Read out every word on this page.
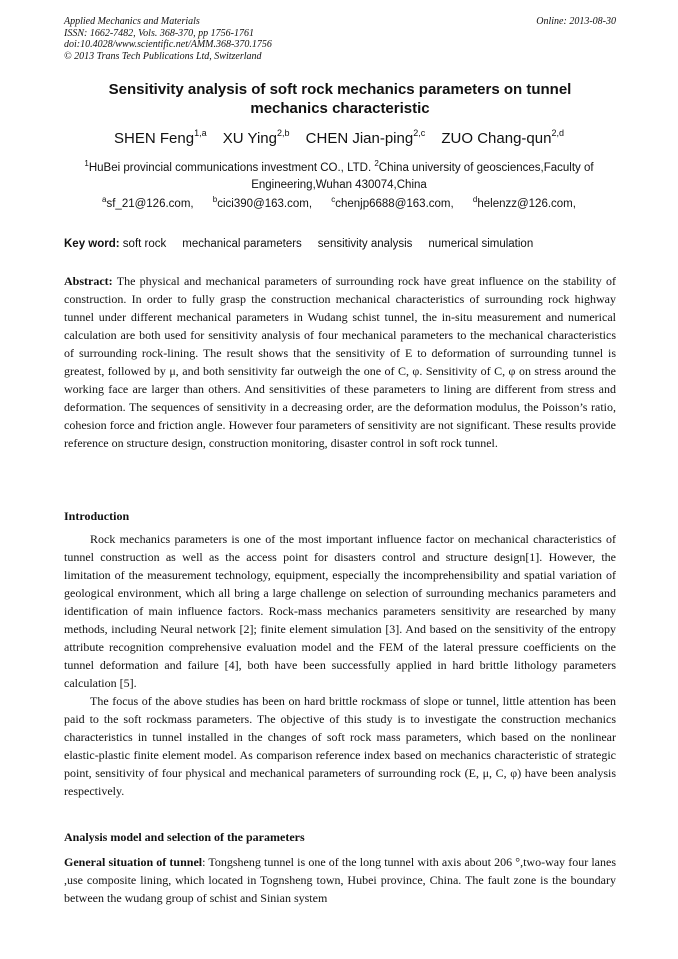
Applied Mechanics and Materials
ISSN: 1662-7482, Vols. 368-370, pp 1756-1761
doi:10.4028/www.scientific.net/AMM.368-370.1756
© 2013 Trans Tech Publications Ltd, Switzerland
Online: 2013-08-30
Sensitivity analysis of soft rock mechanics parameters on tunnel mechanics characteristic
SHEN Feng$^{1,a}$ XU Ying$^{2,b}$ CHEN Jian-ping$^{2,c}$ ZUO Chang-qun$^{2,d}$
$^1$HuBei provincial communications investment CO., LTD. $^2$China university of geosciences,Faculty of Engineering,Wuhan 430074,China
$^a$sf_21@126.com, $^b$cici390@163.com, $^c$chenjp6688@163.com, $^d$helenzz@126.com,
Key word: soft rock mechanical parameters sensitivity analysis numerical simulation

Abstract: The physical and mechanical parameters of surrounding rock have great influence on the stability of construction. In order to fully grasp the construction mechanical characteristics of surrounding rock highway tunnel under different mechanical parameters in Wudang schist tunnel, the in-situ measurement and numerical calculation are both used for sensitivity analysis of four mechanical parameters to the mechanical characteristics of surrounding rock-lining. The result shows that the sensitivity of E to deformation of surrounding tunnel is greatest, followed by μ, and both sensitivity far outweigh the one of C, φ. Sensitivity of C, φ on stress around the working face are larger than others. And sensitivities of these parameters to lining are different from stress and deformation. The sequences of sensitivity in a decreasing order, are the deformation modulus, the Poisson’s ratio, cohesion force and friction angle. However four parameters of sensitivity are not significant. These results provide reference on structure design, construction monitoring, disaster control in soft rock tunnel.

Introduction

Rock mechanics parameters is one of the most important influence factor on mechanical characteristics of tunnel construction as well as the access point for disasters control and structure design[1]. However, the limitation of the measurement technology, equipment, especially the incomprehensibility and spatial variation of geological environment, which all bring a large challenge on selection of surrounding mechanics parameters and identification of main influence factors. Rock-mass mechanics parameters sensitivity are researched by many methods, including Neural network [2]; finite element simulation [3]. And based on the sensitivity of the entropy attribute recognition comprehensive evaluation model and the FEM of the lateral pressure coefficients on the tunnel deformation and failure [4], both have been successfully applied in hard brittle lithology parameters calculation [5].

The focus of the above studies has been on hard brittle rockmass of slope or tunnel, little attention has been paid to the soft rockmass parameters. The objective of this study is to investigate the construction mechanics characteristics in tunnel installed in the changes of soft rock mass parameters, which based on the nonlinear elastic-plastic finite element model. As comparison reference index based on mechanics characteristic of strategic point, sensitivity of four physical and mechanical parameters of surrounding rock (E, μ, C, φ) have been analysis respectively.

Analysis model and selection of the parameters

General situation of tunnel: Tongsheng tunnel is one of the long tunnel with axis about 206 °,two-way four lanes ,use composite lining, which located in Tognsheng town, Hubei province, China. The fault zone is the boundary between the wudang group of schist and Sinian system
